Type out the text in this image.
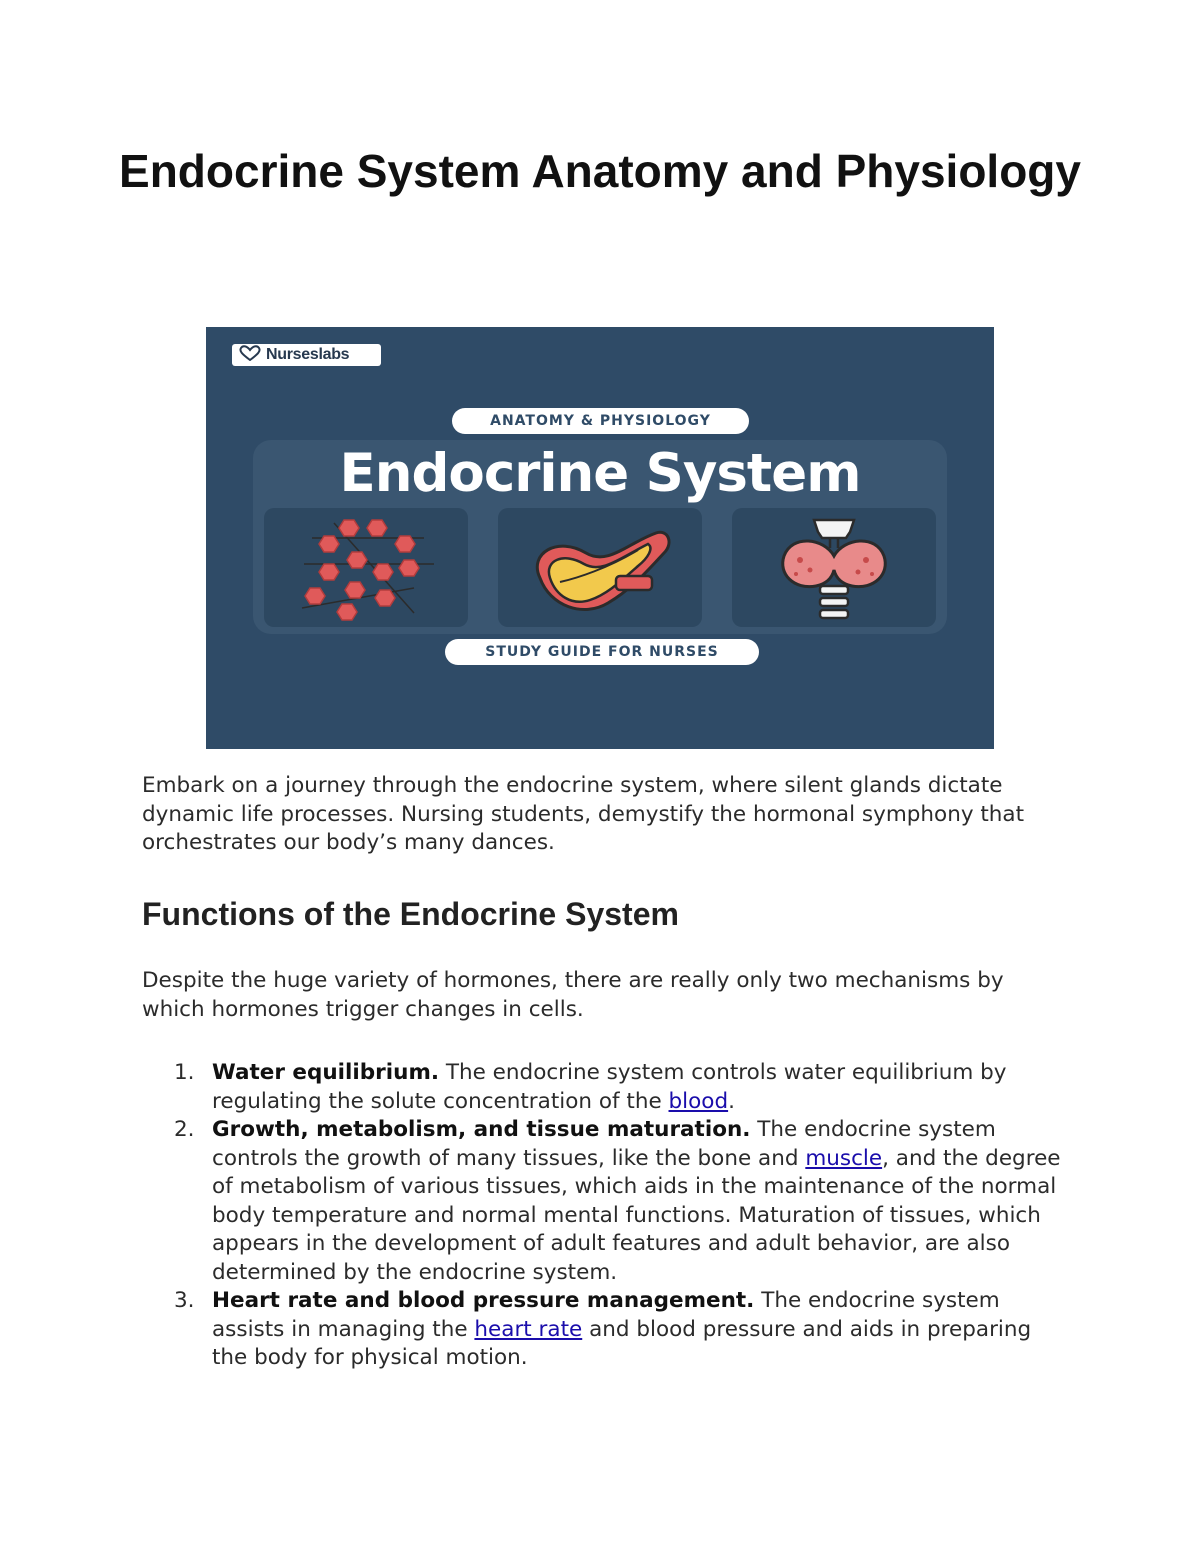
Endocrine System Anatomy and Physiology
Nurseslabs
ANATOMY & PHYSIOLOGY
Endocrine System
STUDY GUIDE FOR NURSES

Embark on a journey through the endocrine system, where silent glands dictate dynamic life processes. Nursing students, demystify the hormonal symphony that orchestrates our body’s many dances.

Functions of the Endocrine System

Despite the huge variety of hormones, there are really only two mechanisms by which hormones trigger changes in cells.

1. Water equilibrium. The endocrine system controls water equilibrium by regulating the solute concentration of the blood.
2. Growth, metabolism, and tissue maturation. The endocrine system controls the growth of many tissues, like the bone and muscle, and the degree of metabolism of various tissues, which aids in the maintenance of the normal body temperature and normal mental functions. Maturation of tissues, which appears in the development of adult features and adult behavior, are also determined by the endocrine system.
3. Heart rate and blood pressure management. The endocrine system assists in managing the heart rate and blood pressure and aids in preparing the body for physical motion.
